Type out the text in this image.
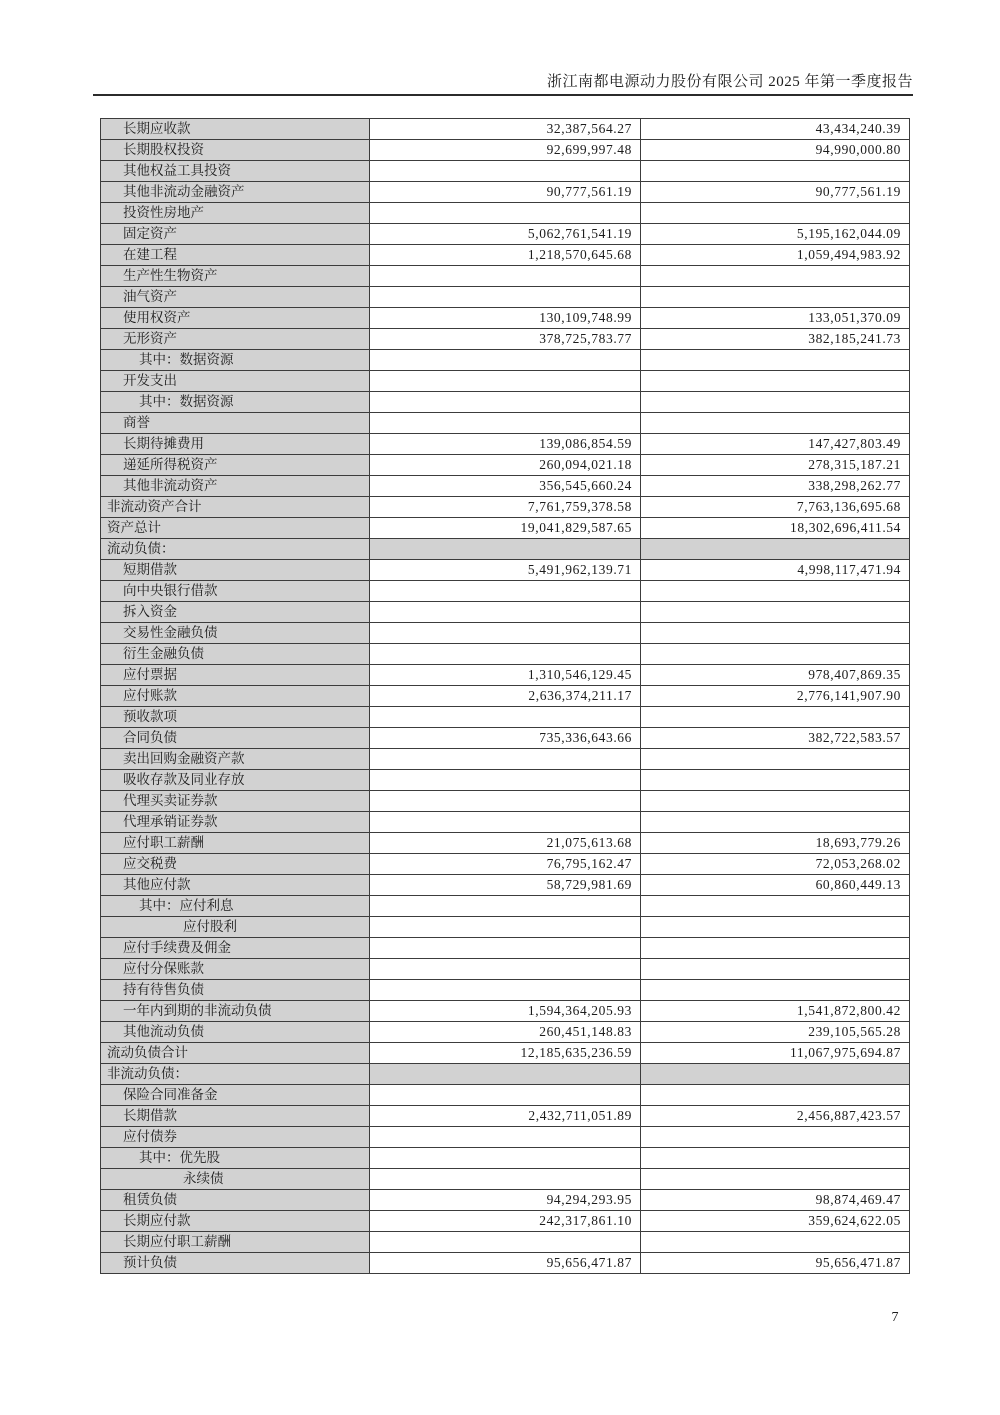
浙江南都电源动力股份有限公司 2025 年第一季度报告
长期应收款	32,387,564.27	43,434,240.39
长期股权投资	92,699,997.48	94,990,000.80
其他权益工具投资		
其他非流动金融资产	90,777,561.19	90,777,561.19
投资性房地产		
固定资产	5,062,761,541.19	5,195,162,044.09
在建工程	1,218,570,645.68	1,059,494,983.92
生产性生物资产		
油气资产		
使用权资产	130,109,748.99	133,051,370.09
无形资产	378,725,783.77	382,185,241.73
其中：数据资源		
开发支出		
其中：数据资源		
商誉		
长期待摊费用	139,086,854.59	147,427,803.49
递延所得税资产	260,094,021.18	278,315,187.21
其他非流动资产	356,545,660.24	338,298,262.77
非流动资产合计	7,761,759,378.58	7,763,136,695.68
资产总计	19,041,829,587.65	18,302,696,411.54
流动负债：		
短期借款	5,491,962,139.71	4,998,117,471.94
向中央银行借款		
拆入资金		
交易性金融负债		
衍生金融负债		
应付票据	1,310,546,129.45	978,407,869.35
应付账款	2,636,374,211.17	2,776,141,907.90
预收款项		
合同负债	735,336,643.66	382,722,583.57
卖出回购金融资产款		
吸收存款及同业存放		
代理买卖证券款		
代理承销证券款		
应付职工薪酬	21,075,613.68	18,693,779.26
应交税费	76,795,162.47	72,053,268.02
其他应付款	58,729,981.69	60,860,449.13
其中：应付利息		
应付股利		
应付手续费及佣金		
应付分保账款		
持有待售负债		
一年内到期的非流动负债	1,594,364,205.93	1,541,872,800.42
其他流动负债	260,451,148.83	239,105,565.28
流动负债合计	12,185,635,236.59	11,067,975,694.87
非流动负债：		
保险合同准备金		
长期借款	2,432,711,051.89	2,456,887,423.57
应付债券		
其中：优先股		
永续债		
租赁负债	94,294,293.95	98,874,469.47
长期应付款	242,317,861.10	359,624,622.05
长期应付职工薪酬		
预计负债	95,656,471.87	95,656,471.87
7
